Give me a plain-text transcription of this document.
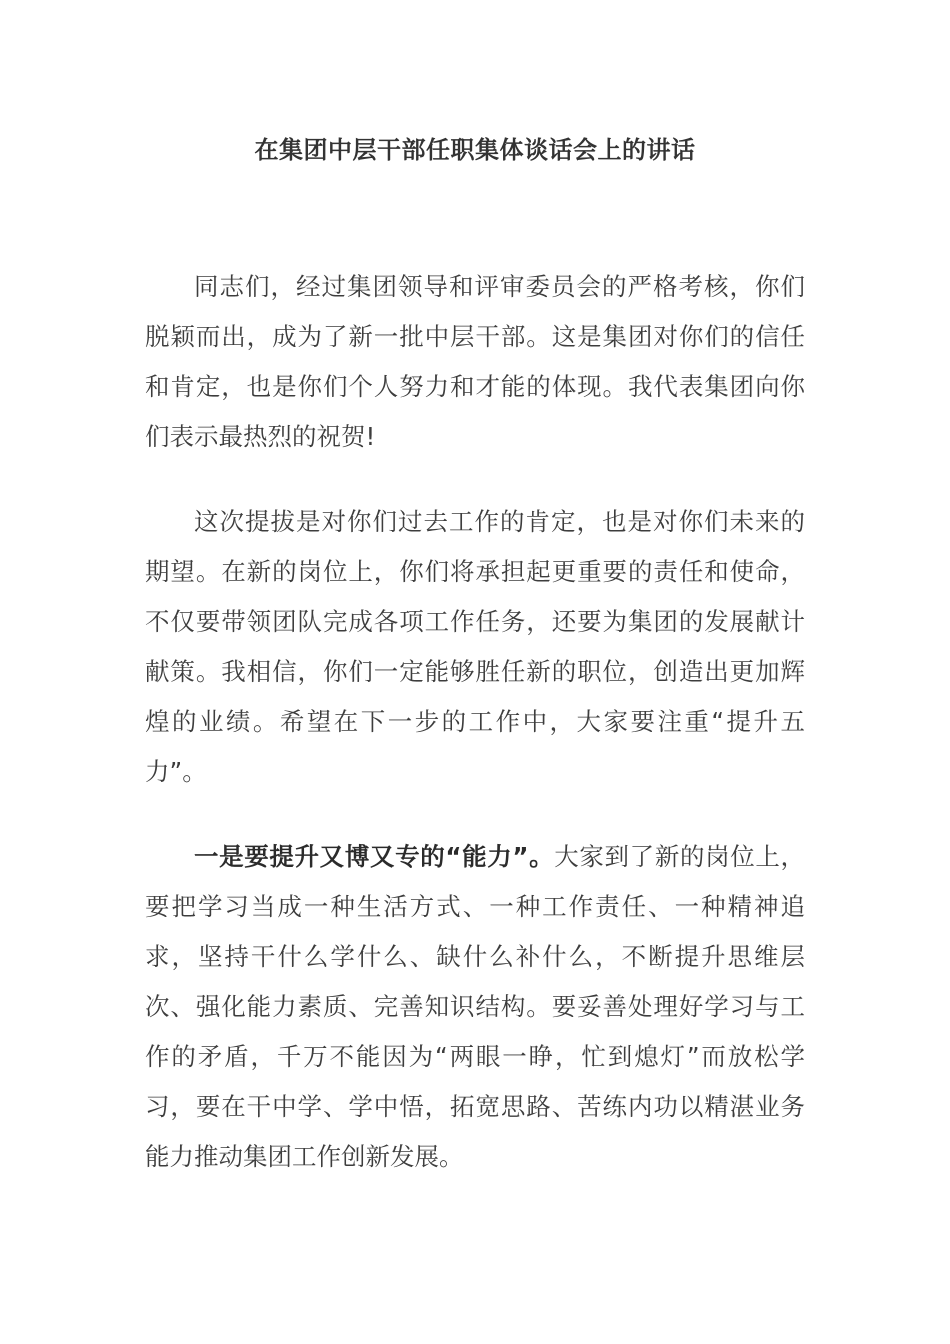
在集团中层干部任职集体谈话会上的讲话

同志们，经过集团领导和评审委员会的严格考核，你们脱颖而出，成为了新一批中层干部。这是集团对你们的信任和肯定，也是你们个人努力和才能的体现。我代表集团向你们表示最热烈的祝贺!

这次提拔是对你们过去工作的肯定，也是对你们未来的期望。在新的岗位上，你们将承担起更重要的责任和使命，不仅要带领团队完成各项工作任务，还要为集团的发展献计献策。我相信，你们一定能够胜任新的职位，创造出更加辉煌的业绩。希望在下一步的工作中，大家要注重“提升五力”。

一是要提升又博又专的“能力”。大家到了新的岗位上，要把学习当成一种生活方式、一种工作责任、一种精神追求，坚持干什么学什么、缺什么补什么，不断提升思维层次、强化能力素质、完善知识结构。要妥善处理好学习与工作的矛盾，千万不能因为“两眼一睁，忙到熄灯”而放松学习，要在干中学、学中悟，拓宽思路、苦练内功以精湛业务能力推动集团工作创新发展。
